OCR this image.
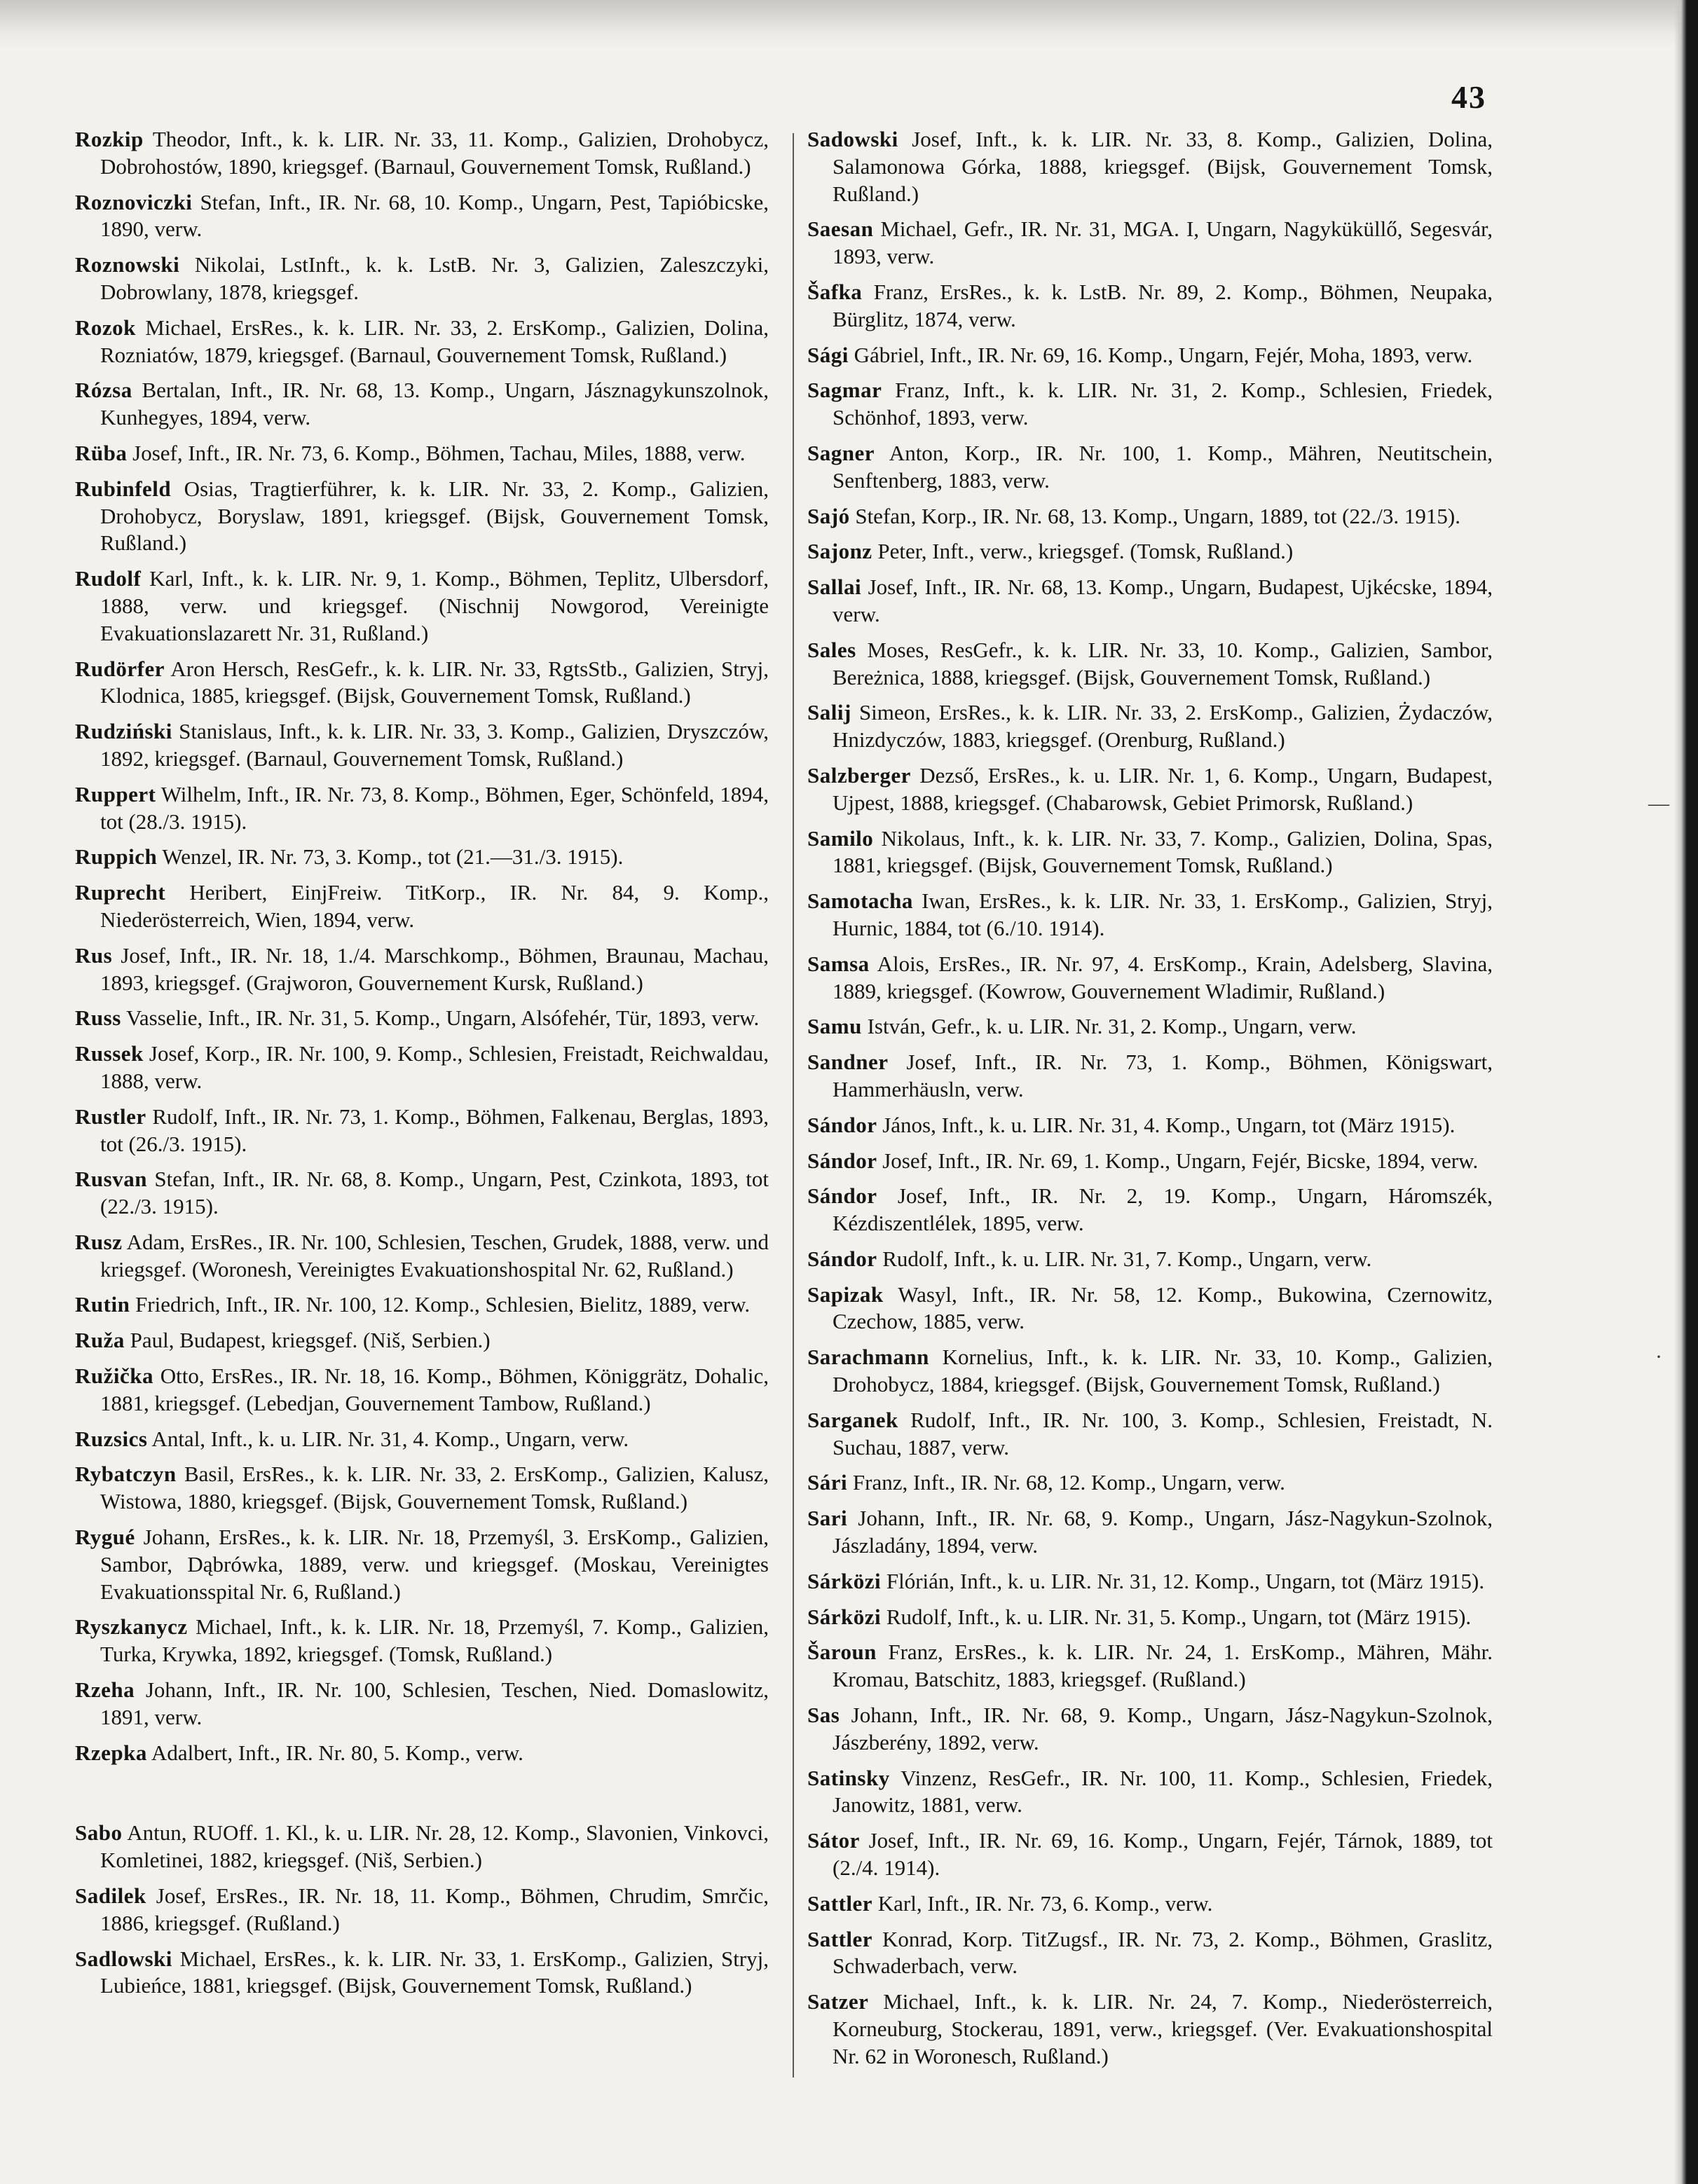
43
Rozkip Theodor, Inft., k. k. LIR. Nr. 33, 11. Komp., Galizien, Drohobycz, Dobrohostów, 1890, kriegsgef. (Barnaul, Gouvernement Tomsk, Rußland.)
Roznoviczki Stefan, Inft., IR. Nr. 68, 10. Komp., Ungarn, Pest, Tapióbicske, 1890, verw.
Roznowski Nikolai, LstInft., k. k. LstB. Nr. 3, Galizien, Zaleszczyki, Dobrowlany, 1878, kriegsgef.
Rozok Michael, ErsRes., k. k. LIR. Nr. 33, 2. ErsKomp., Galizien, Dolina, Rozniatów, 1879, kriegsgef. (Barnaul, Gouvernement Tomsk, Rußland.)
Rózsa Bertalan, Inft., IR. Nr. 68, 13. Komp., Ungarn, Jásznagykunszolnok, Kunhegyes, 1894, verw.
Rüba Josef, Inft., IR. Nr. 73, 6. Komp., Böhmen, Tachau, Miles, 1888, verw.
Rubinfeld Osias, Tragtierführer, k. k. LIR. Nr. 33, 2. Komp., Galizien, Drohobycz, Boryslaw, 1891, kriegsgef. (Bijsk, Gouvernement Tomsk, Rußland.)
Rudolf Karl, Inft., k. k. LIR. Nr. 9, 1. Komp., Böhmen, Teplitz, Ulbersdorf, 1888, verw. und kriegsgef. (Nischnij Nowgorod, Vereinigte Evakuationslazarett Nr. 31, Rußland.)
Rudörfer Aron Hersch, ResGefr., k. k. LIR. Nr. 33, RgtsStb., Galizien, Stryj, Klodnica, 1885, kriegsgef. (Bijsk, Gouvernement Tomsk, Rußland.)
Rudziński Stanislaus, Inft., k. k. LIR. Nr. 33, 3. Komp., Galizien, Dryszczów, 1892, kriegsgef. (Barnaul, Gouvernement Tomsk, Rußland.)
Ruppert Wilhelm, Inft., IR. Nr. 73, 8. Komp., Böhmen, Eger, Schönfeld, 1894, tot (28./3. 1915).
Ruppich Wenzel, IR. Nr. 73, 3. Komp., tot (21.—31./3. 1915).
Ruprecht Heribert, EinjFreiw. TitKorp., IR. Nr. 84, 9. Komp., Niederösterreich, Wien, 1894, verw.
Rus Josef, Inft., IR. Nr. 18, 1./4. Marschkomp., Böhmen, Braunau, Machau, 1893, kriegsgef. (Grajworon, Gouvernement Kursk, Rußland.)
Russ Vasselie, Inft., IR. Nr. 31, 5. Komp., Ungarn, Alsófehér, Tür, 1893, verw.
Russek Josef, Korp., IR. Nr. 100, 9. Komp., Schlesien, Freistadt, Reichwaldau, 1888, verw.
Rustler Rudolf, Inft., IR. Nr. 73, 1. Komp., Böhmen, Falkenau, Berglas, 1893, tot (26./3. 1915).
Rusvan Stefan, Inft., IR. Nr. 68, 8. Komp., Ungarn, Pest, Czinkota, 1893, tot (22./3. 1915).
Rusz Adam, ErsRes., IR. Nr. 100, Schlesien, Teschen, Grudek, 1888, verw. und kriegsgef. (Woronesh, Vereinigtes Evakuationshospital Nr. 62, Rußland.)
Rutin Friedrich, Inft., IR. Nr. 100, 12. Komp., Schlesien, Bielitz, 1889, verw.
Ruža Paul, Budapest, kriegsgef. (Niš, Serbien.)
Ružička Otto, ErsRes., IR. Nr. 18, 16. Komp., Böhmen, Königgrätz, Dohalic, 1881, kriegsgef. (Lebedjan, Gouvernement Tambow, Rußland.)
Ruzsics Antal, Inft., k. u. LIR. Nr. 31, 4. Komp., Ungarn, verw.
Rybatczyn Basil, ErsRes., k. k. LIR. Nr. 33, 2. ErsKomp., Galizien, Kalusz, Wistowa, 1880, kriegsgef. (Bijsk, Gouvernement Tomsk, Rußland.)
Rygué Johann, ErsRes., k. k. LIR. Nr. 18, Przemyśl, 3. ErsKomp., Galizien, Sambor, Dąbrówka, 1889, verw. und kriegsgef. (Moskau, Vereinigtes Evakuationsspital Nr. 6, Rußland.)
Ryszkanycz Michael, Inft., k. k. LIR. Nr. 18, Przemyśl, 7. Komp., Galizien, Turka, Krywka, 1892, kriegsgef. (Tomsk, Rußland.)
Rzeha Johann, Inft., IR. Nr. 100, Schlesien, Teschen, Nied. Domaslowitz, 1891, verw.
Rzepka Adalbert, Inft., IR. Nr. 80, 5. Komp., verw.
Sabo Antun, RUOff. 1. Kl., k. u. LIR. Nr. 28, 12. Komp., Slavonien, Vinkovci, Komletinei, 1882, kriegsgef. (Niš, Serbien.)
Sadilek Josef, ErsRes., IR. Nr. 18, 11. Komp., Böhmen, Chrudim, Smrčic, 1886, kriegsgef. (Rußland.)
Sadlowski Michael, ErsRes., k. k. LIR. Nr. 33, 1. ErsKomp., Galizien, Stryj, Lubieńce, 1881, kriegsgef. (Bijsk, Gouvernement Tomsk, Rußland.)
Sadowski Josef, Inft., k. k. LIR. Nr. 33, 8. Komp., Galizien, Dolina, Salamonowa Górka, 1888, kriegsgef. (Bijsk, Gouvernement Tomsk, Rußland.)
Saesan Michael, Gefr., IR. Nr. 31, MGA. I, Ungarn, Nagyküküllő, Segesvár, 1893, verw.
Šafka Franz, ErsRes., k. k. LstB. Nr. 89, 2. Komp., Böhmen, Neupaka, Bürglitz, 1874, verw.
Sági Gábriel, Inft., IR. Nr. 69, 16. Komp., Ungarn, Fejér, Moha, 1893, verw.
Sagmar Franz, Inft., k. k. LIR. Nr. 31, 2. Komp., Schlesien, Friedek, Schönhof, 1893, verw.
Sagner Anton, Korp., IR. Nr. 100, 1. Komp., Mähren, Neutitschein, Senftenberg, 1883, verw.
Sajó Stefan, Korp., IR. Nr. 68, 13. Komp., Ungarn, 1889, tot (22./3. 1915).
Sajonz Peter, Inft., verw., kriegsgef. (Tomsk, Rußland.)
Sallai Josef, Inft., IR. Nr. 68, 13. Komp., Ungarn, Budapest, Ujkécske, 1894, verw.
Sales Moses, ResGefr., k. k. LIR. Nr. 33, 10. Komp., Galizien, Sambor, Bereżnica, 1888, kriegsgef. (Bijsk, Gouvernement Tomsk, Rußland.)
Salij Simeon, ErsRes., k. k. LIR. Nr. 33, 2. ErsKomp., Galizien, Żydaczów, Hnizdyczów, 1883, kriegsgef. (Orenburg, Rußland.)
Salzberger Dezső, ErsRes., k. u. LIR. Nr. 1, 6. Komp., Ungarn, Budapest, Ujpest, 1888, kriegsgef. (Chabarowsk, Gebiet Primorsk, Rußland.)
Samilo Nikolaus, Inft., k. k. LIR. Nr. 33, 7. Komp., Galizien, Dolina, Spas, 1881, kriegsgef. (Bijsk, Gouvernement Tomsk, Rußland.)
Samotacha Iwan, ErsRes., k. k. LIR. Nr. 33, 1. ErsKomp., Galizien, Stryj, Hurnic, 1884, tot (6./10. 1914).
Samsa Alois, ErsRes., IR. Nr. 97, 4. ErsKomp., Krain, Adelsberg, Slavina, 1889, kriegsgef. (Kowrow, Gouvernement Wladimir, Rußland.)
Samu István, Gefr., k. u. LIR. Nr. 31, 2. Komp., Ungarn, verw.
Sandner Josef, Inft., IR. Nr. 73, 1. Komp., Böhmen, Königswart, Hammerhäusln, verw.
Sándor János, Inft., k. u. LIR. Nr. 31, 4. Komp., Ungarn, tot (März 1915).
Sándor Josef, Inft., IR. Nr. 69, 1. Komp., Ungarn, Fejér, Bicske, 1894, verw.
Sándor Josef, Inft., IR. Nr. 2, 19. Komp., Ungarn, Háromszék, Kézdiszentlélek, 1895, verw.
Sándor Rudolf, Inft., k. u. LIR. Nr. 31, 7. Komp., Ungarn, verw.
Sapizak Wasyl, Inft., IR. Nr. 58, 12. Komp., Bukowina, Czernowitz, Czechow, 1885, verw.
Sarachmann Kornelius, Inft., k. k. LIR. Nr. 33, 10. Komp., Galizien, Drohobycz, 1884, kriegsgef. (Bijsk, Gouvernement Tomsk, Rußland.)
Sarganek Rudolf, Inft., IR. Nr. 100, 3. Komp., Schlesien, Freistadt, N. Suchau, 1887, verw.
Sári Franz, Inft., IR. Nr. 68, 12. Komp., Ungarn, verw.
Sari Johann, Inft., IR. Nr. 68, 9. Komp., Ungarn, Jász-Nagykun-Szolnok, Jászladány, 1894, verw.
Sárközi Flórián, Inft., k. u. LIR. Nr. 31, 12. Komp., Ungarn, tot (März 1915).
Sárközi Rudolf, Inft., k. u. LIR. Nr. 31, 5. Komp., Ungarn, tot (März 1915).
Šaroun Franz, ErsRes., k. k. LIR. Nr. 24, 1. ErsKomp., Mähren, Mähr. Kromau, Batschitz, 1883, kriegsgef. (Rußland.)
Sas Johann, Inft., IR. Nr. 68, 9. Komp., Ungarn, Jász-Nagykun-Szolnok, Jászberény, 1892, verw.
Satinsky Vinzenz, ResGefr., IR. Nr. 100, 11. Komp., Schlesien, Friedek, Janowitz, 1881, verw.
Sátor Josef, Inft., IR. Nr. 69, 16. Komp., Ungarn, Fejér, Tárnok, 1889, tot (2./4. 1914).
Sattler Karl, Inft., IR. Nr. 73, 6. Komp., verw.
Sattler Konrad, Korp. TitZugsf., IR. Nr. 73, 2. Komp., Böhmen, Graslitz, Schwaderbach, verw.
Satzer Michael, Inft., k. k. LIR. Nr. 24, 7. Komp., Niederösterreich, Korneuburg, Stockerau, 1891, verw., kriegsgef. (Ver. Evakuationshospital Nr. 62 in Woronesch, Rußland.)
—
·
